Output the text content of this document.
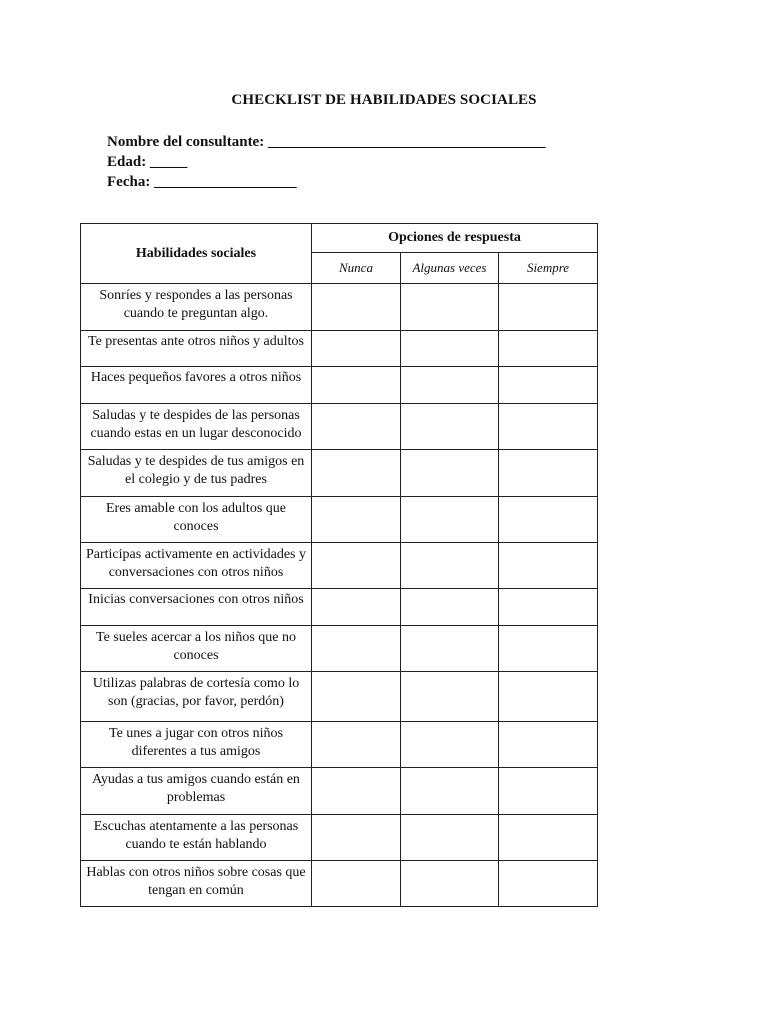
CHECKLIST DE HABILIDADES SOCIALES
Nombre del consultante: _____________________________________
Edad: _____
Fecha: ___________________
Habilidades sociales	Opciones de respuesta		
	Nunca	Algunas veces	Siempre
Sonríes y respondes a las personas cuando te preguntan algo.			
Te presentas ante otros niños y adultos			
Haces pequeños favores a otros niños			
Saludas y te despides de las personas cuando estas en un lugar desconocido			
Saludas y te despides de tus amigos en el colegio y de tus padres			
Eres amable con los adultos que conoces			
Participas activamente en actividades y conversaciones con otros niños			
Inicias conversaciones con otros niños			
Te sueles acercar a los niños que no conoces			
Utilizas palabras de cortesía como lo son (gracias, por favor, perdón)			
Te unes a jugar con otros niños diferentes a tus amigos			
Ayudas a tus amigos cuando están en problemas			
Escuchas atentamente a las personas cuando te están hablando			
Hablas con otros niños sobre cosas que tengan en común			
